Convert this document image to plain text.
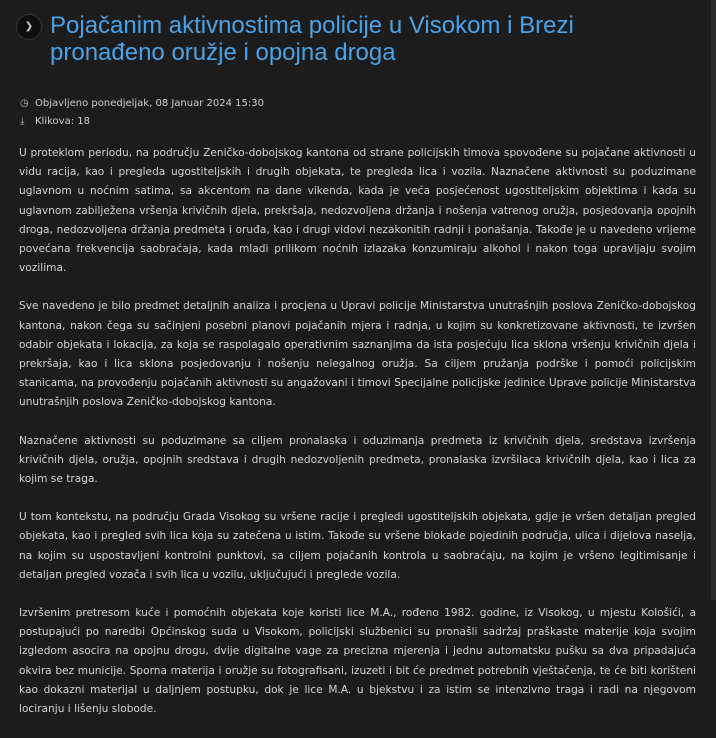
❯ Pojačanim aktivnostima policije u Visokom i Brezi pronađeno oružje i opojna droga
◷ Objavljeno ponedjeljak, 08 Januar 2024 15:30
⤓ Klikova: 18

U proteklom periodu, na području Zeničko-dobojskog kantona od strane policijskih timova spovođene su pojačane aktivnosti u vidu racija, kao i pregleda ugostiteljskih i drugih objekata, te pregleda lica i vozila. Naznačene aktivnosti su poduzimane uglavnom u noćnim satima, sa akcentom na dane vikenda, kada je veća posjećenost ugostiteljskim objektima i kada su uglavnom zabilježena vršenja krivičnih djela, prekršaja, nedozvoljena držanja i nošenja vatrenog oružja, posjedovanja opojnih droga, nedozvoljena držanja predmeta i oruđa, kao i drugi vidovi nezakonitih radnji i ponašanja. Takođe je u navedeno vrijeme povećana frekvencija saobraćaja, kada mladi prilikom noćnih izlazaka konzumiraju alkohol i nakon toga upravljaju svojim vozilima.

Sve navedeno je bilo predmet detaljnih analiza i procjena u Upravi policije Ministarstva unutrašnjih poslova Zeničko-dobojskog kantona, nakon čega su sačinjeni posebni planovi pojačanih mjera i radnja, u kojim su konkretizovane aktivnosti, te izvršen odabir objekata i lokacija, za koja se raspolagalo operativnim saznanjima da ista posjećuju lica sklona vršenju krivičnih djela i prekršaja, kao i lica sklona posjedovanju i nošenju nelegalnog oružja. Sa ciljem pružanja podrške i pomoći policijskim stanicama, na provođenju pojačanih aktivnosti su angažovani i timovi Specijalne policijske jedinice Uprave policije Ministarstva unutrašnjih poslova Zeničko-dobojskog kantona.

Naznačene aktivnosti su poduzimane sa ciljem pronalaska i oduzimanja predmeta iz krivičnih djela, sredstava izvršenja krivičnih djela, oružja, opojnih sredstava i drugih nedozvoljenih predmeta, pronalaska izvršilaca krivičnih djela, kao i lica za kojim se traga.

U tom kontekstu, na području Grada Visokog su vršene racije i pregledi ugostiteljskih objekata, gdje je vršen detaljan pregled objekata, kao i pregled svih lica koja su zatečena u istim. Takođe su vršene blokade pojedinih područja, ulica i dijelova naselja, na kojim su uspostavljeni kontrolni punktovi, sa ciljem pojačanih kontrola u saobraćaju, na kojim je vršeno legitimisanje i detaljan pregled vozača i svih lica u vozilu, uključujući i preglede vozila.

Izvršenim pretresom kuće i pomoćnih objekata koje koristi lice M.A., rođeno 1982. godine, iz Visokog, u mjestu Kološići, a postupajući po naredbi Općinskog suda u Visokom, policijski službenici su pronašli sadržaj praškaste materije koja svojim izgledom asocira na opojnu drogu, dvije digitalne vage za precizna mjerenja i jednu automatsku pušku sa dva pripadajuća okvira bez municije. Sporna materija i oružje su fotografisani, izuzeti i bit će predmet potrebnih vještačenja, te će biti korišteni kao dokazni materijal u daljnjem postupku, dok je lice M.A. u bjekstvu i za istim se intenzivno traga i radi na njegovom lociranju i lišenju slobode.
